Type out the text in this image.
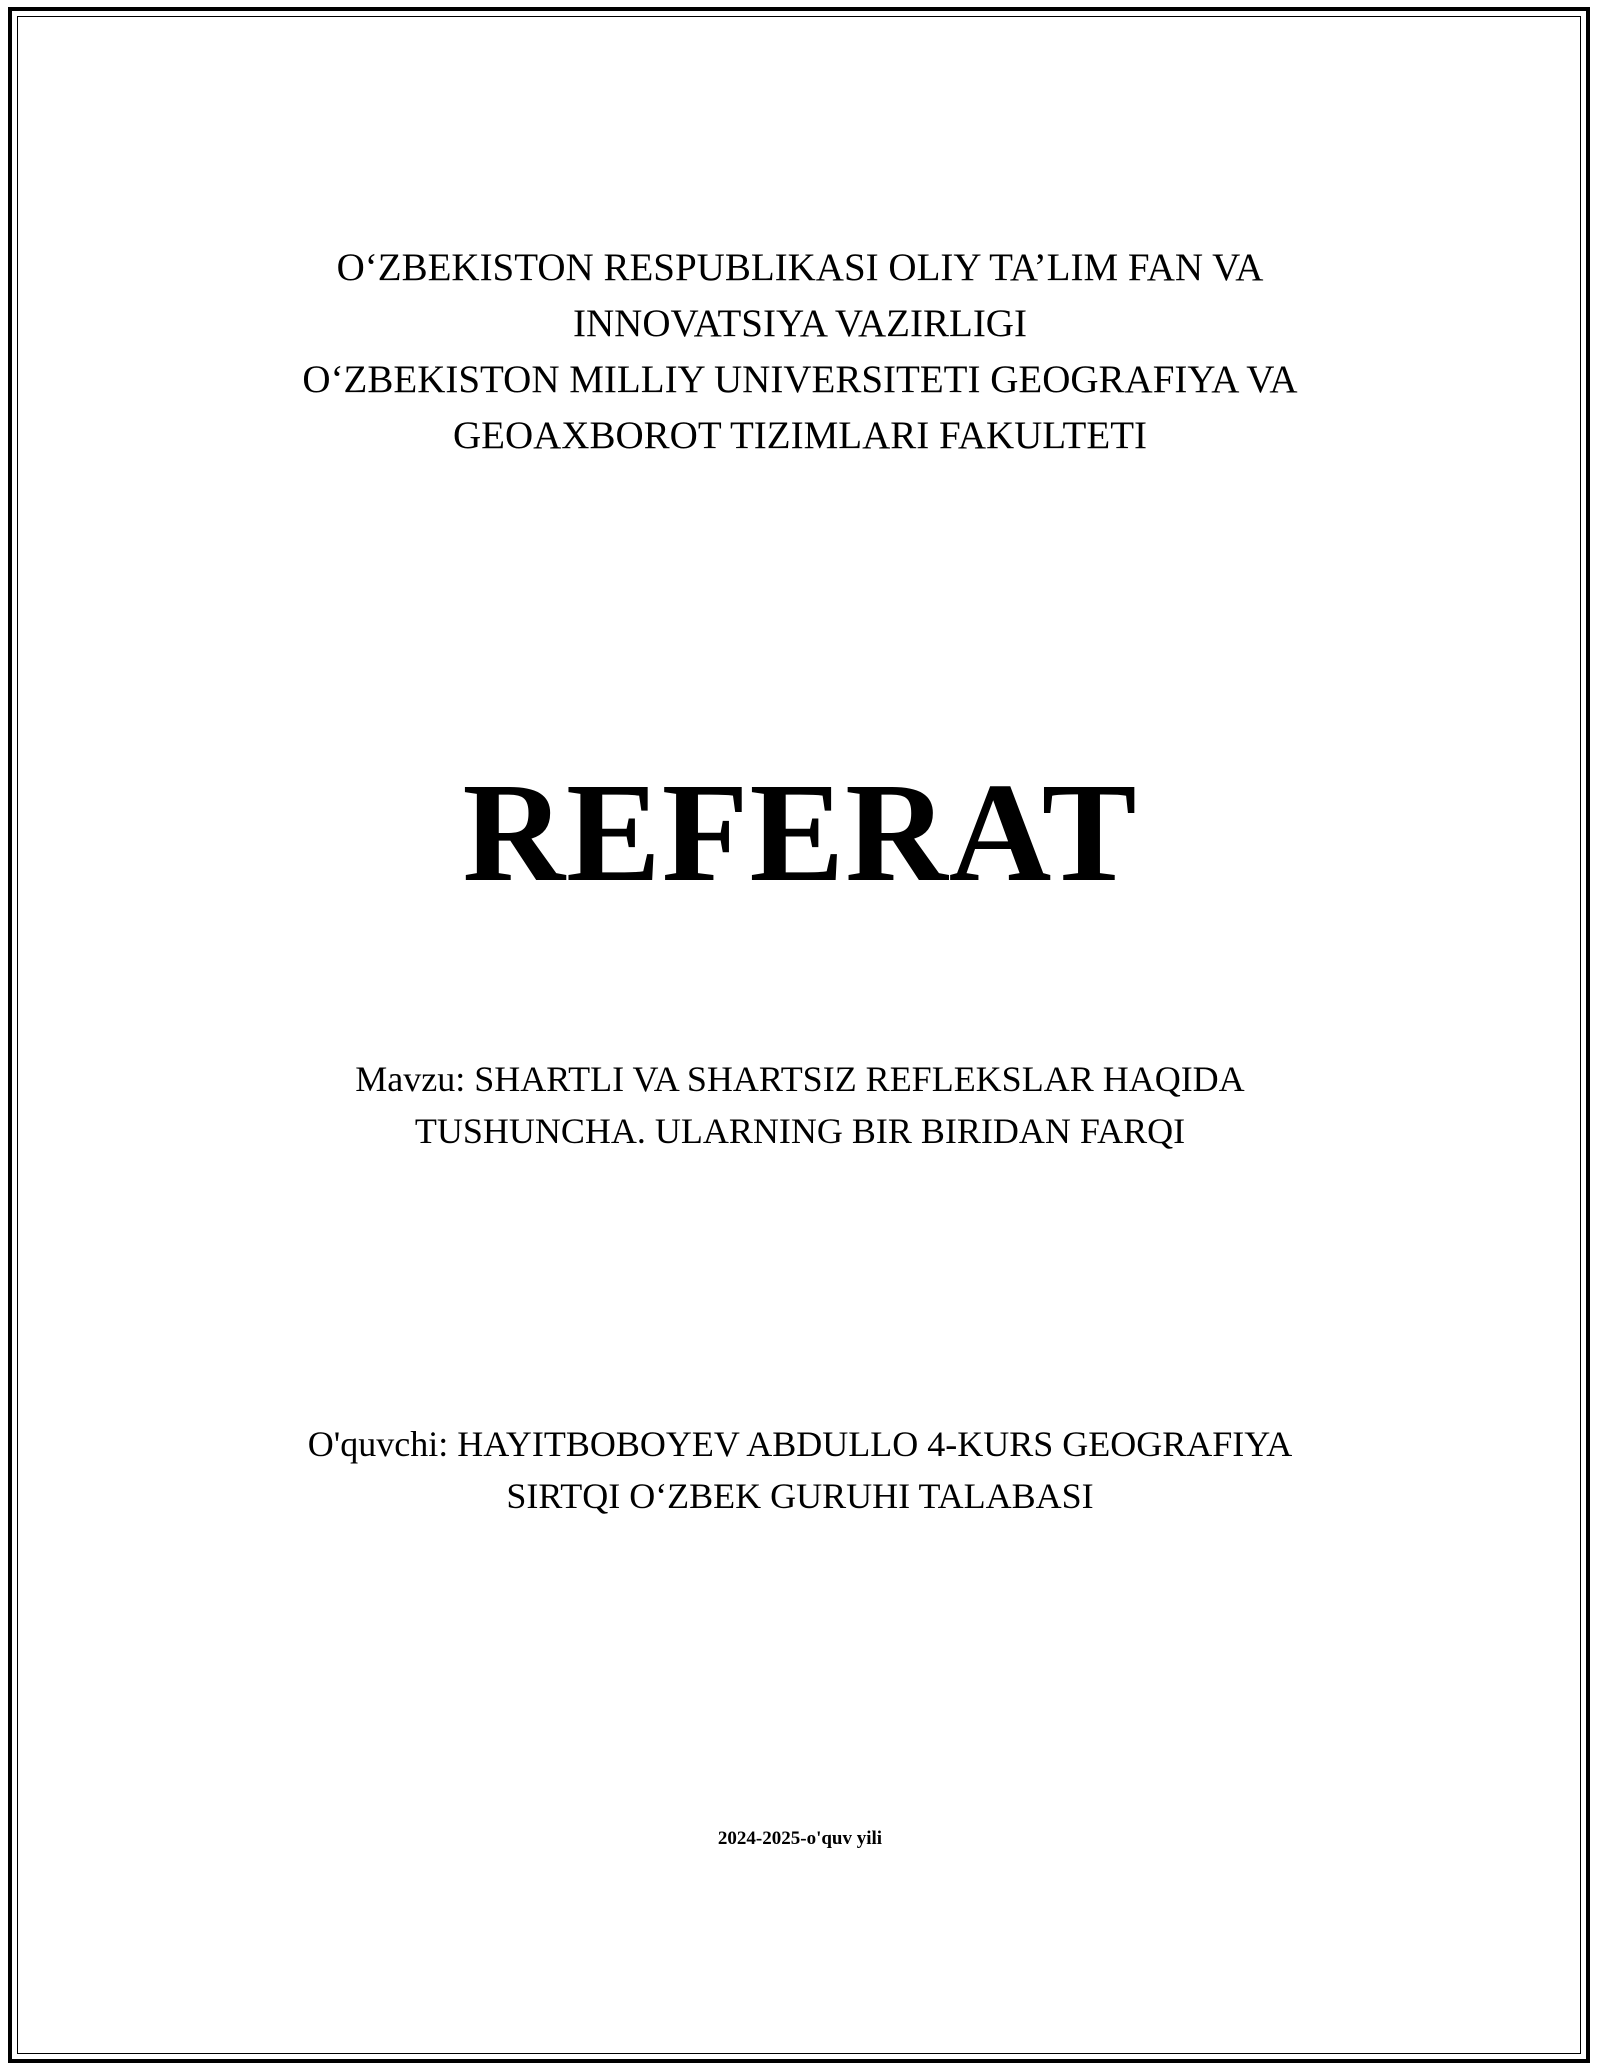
O‘ZBEKISTON RESPUBLIKASI OLIY TA’LIM FAN VA
INNOVATSIYA VAZIRLIGI
O‘ZBEKISTON MILLIY UNIVERSITETI GEOGRAFIYA VA
GEOAXBOROT TIZIMLARI FAKULTETI
REFERAT
Mavzu: SHARTLI VA SHARTSIZ REFLEKSLAR HAQIDA
TUSHUNCHA. ULARNING BIR BIRIDAN FARQI
O'quvchi: HAYITBOBOYEV ABDULLO 4-KURS GEOGRAFIYA
SIRTQI O‘ZBEK GURUHI TALABASI
2024-2025-o'quv yili
